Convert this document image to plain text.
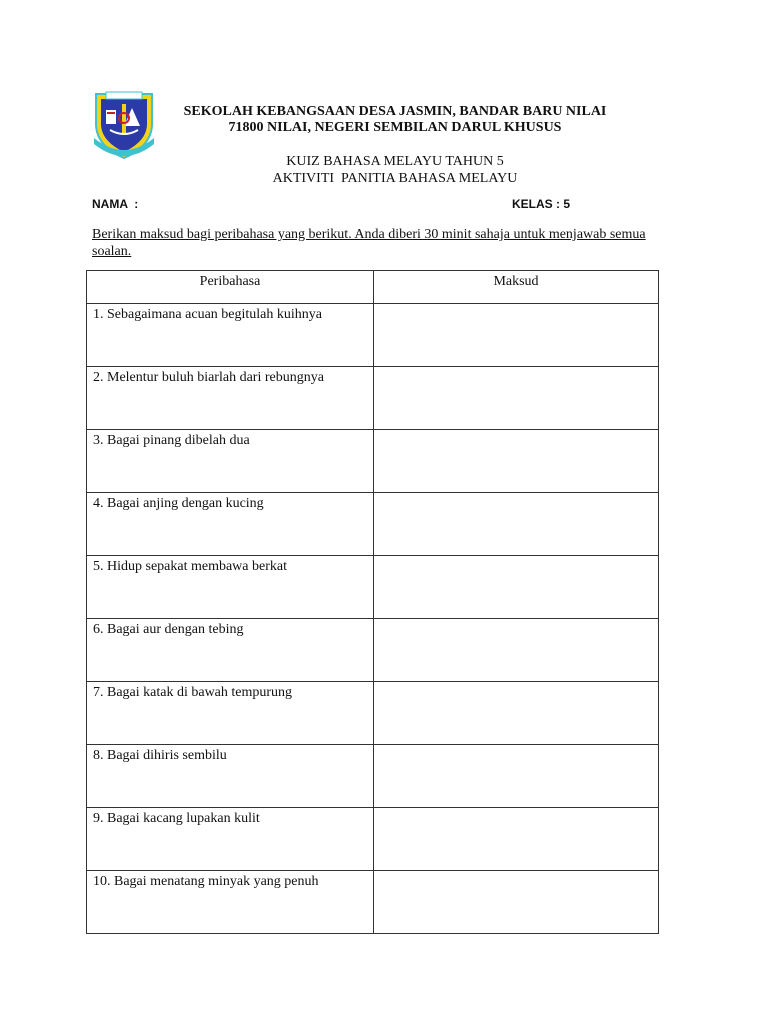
SEKOLAH KEBANGSAAN DESA JASMIN, BANDAR BARU NILAI
71800 NILAI, NEGERI SEMBILAN DARUL KHUSUS
KUIZ BAHASA MELAYU TAHUN 5
AKTIVITI  PANITIA BAHASA MELAYU
NAMA  :	KELAS : 5
Berikan maksud bagi peribahasa yang berikut. Anda diberi 30 minit sahaja untuk menjawab semua soalan.
Peribahasa	Maksud
1. Sebagaimana acuan begitulah kuihnya	
2. Melentur buluh biarlah dari rebungnya	
3. Bagai pinang dibelah dua	
4. Bagai anjing dengan kucing	
5. Hidup sepakat membawa berkat	
6. Bagai aur dengan tebing	
7. Bagai katak di bawah tempurung	
8. Bagai dihiris sembilu	
9. Bagai kacang lupakan kulit	
10. Bagai menatang minyak yang penuh	
